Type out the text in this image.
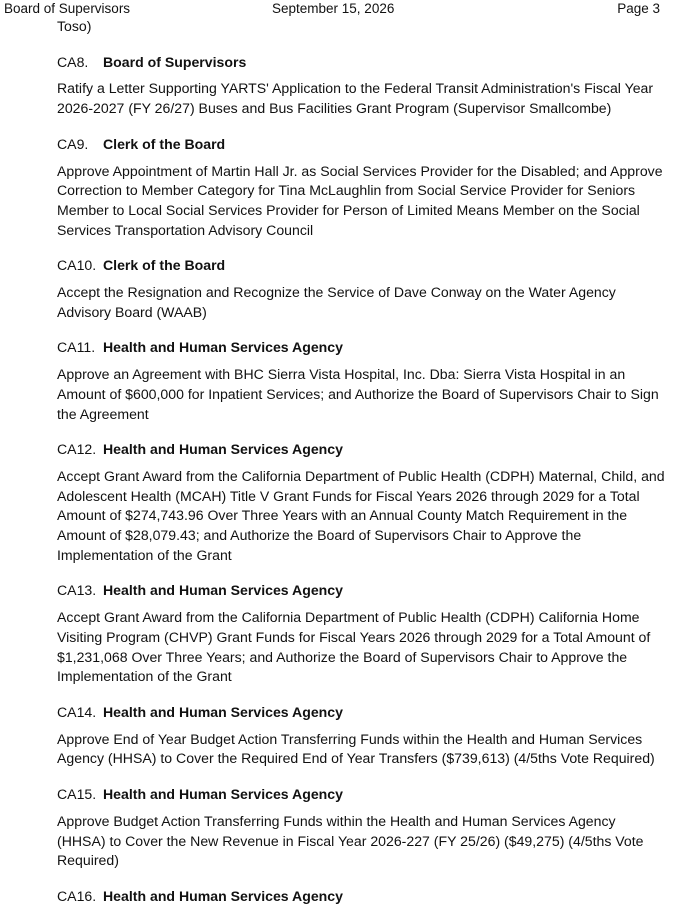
Board of Supervisors	September 15, 2026	Page 3

Toso)

CA8. Board of Supervisors

Ratify a Letter Supporting YARTS' Application to the Federal Transit Administration's Fiscal Year 2026-2027 (FY 26/27) Buses and Bus Facilities Grant Program (Supervisor Smallcombe)

CA9. Clerk of the Board

Approve Appointment of Martin Hall Jr. as Social Services Provider for the Disabled; and Approve Correction to Member Category for Tina McLaughlin from Social Service Provider for Seniors Member to Local Social Services Provider for Person of Limited Means Member on the Social Services Transportation Advisory Council

CA10. Clerk of the Board

Accept the Resignation and Recognize the Service of Dave Conway on the Water Agency Advisory Board (WAAB)

CA11. Health and Human Services Agency

Approve an Agreement with BHC Sierra Vista Hospital, Inc. Dba: Sierra Vista Hospital in an Amount of $600,000 for Inpatient Services; and Authorize the Board of Supervisors Chair to Sign the Agreement

CA12. Health and Human Services Agency

Accept Grant Award from the California Department of Public Health (CDPH) Maternal, Child, and Adolescent Health (MCAH) Title V Grant Funds for Fiscal Years 2026 through 2029 for a Total Amount of $274,743.96 Over Three Years with an Annual County Match Requirement in the Amount of $28,079.43; and Authorize the Board of Supervisors Chair to Approve the Implementation of the Grant

CA13. Health and Human Services Agency

Accept Grant Award from the California Department of Public Health (CDPH) California Home Visiting Program (CHVP) Grant Funds for Fiscal Years 2026 through 2029 for a Total Amount of $1,231,068 Over Three Years; and Authorize the Board of Supervisors Chair to Approve the Implementation of the Grant

CA14. Health and Human Services Agency

Approve End of Year Budget Action Transferring Funds within the Health and Human Services Agency (HHSA) to Cover the Required End of Year Transfers ($739,613) (4/5ths Vote Required)

CA15. Health and Human Services Agency

Approve Budget Action Transferring Funds within the Health and Human Services Agency (HHSA) to Cover the New Revenue in Fiscal Year 2026-227 (FY 25/26) ($49,275) (4/5ths Vote Required)

CA16. Health and Human Services Agency
